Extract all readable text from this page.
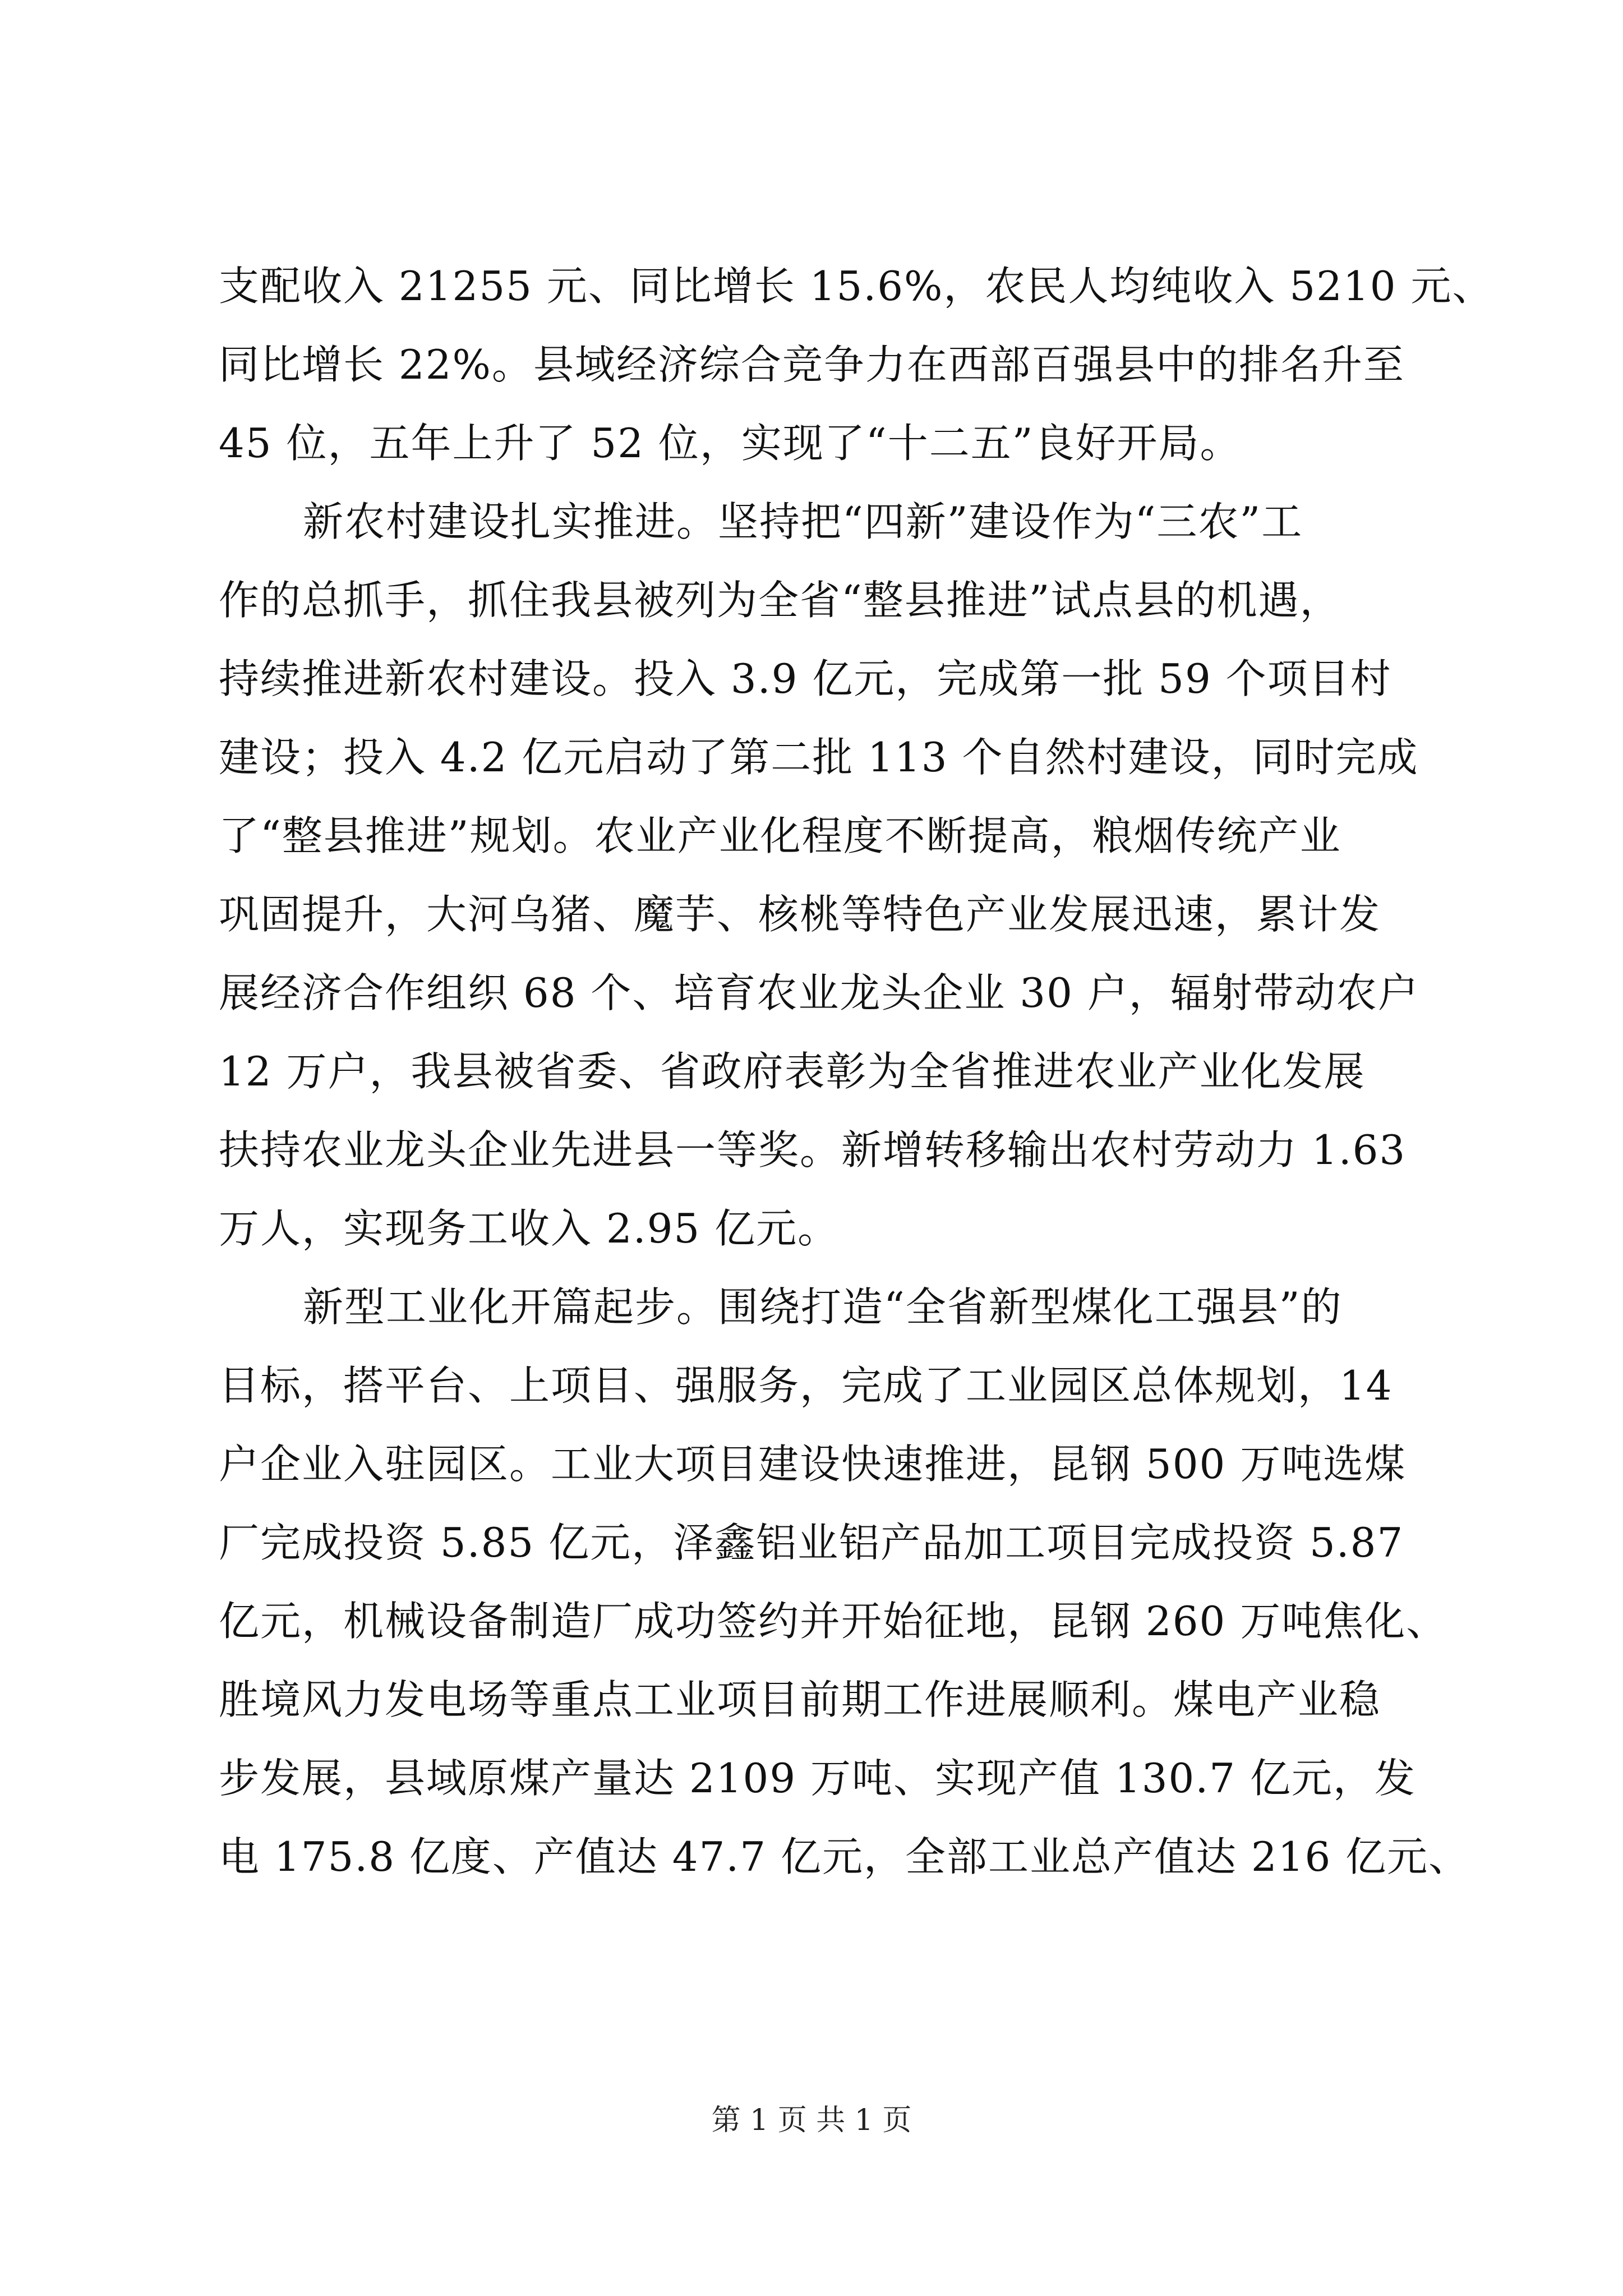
支配收入 21255 元、同比增长 15.6%，农民人均纯收入 5210 元、
同比增长 22%。县域经济综合竞争力在西部百强县中的排名升至
45 位，五年上升了 52 位，实现了“十二五”良好开局。
新农村建设扎实推进。坚持把“四新”建设作为“三农”工
作的总抓手，抓住我县被列为全省“整县推进”试点县的机遇，
持续推进新农村建设。投入 3.9 亿元，完成第一批 59 个项目村
建设；投入 4.2 亿元启动了第二批 113 个自然村建设，同时完成
了“整县推进”规划。农业产业化程度不断提高，粮烟传统产业
巩固提升，大河乌猪、魔芋、核桃等特色产业发展迅速，累计发
展经济合作组织 68 个、培育农业龙头企业 30 户，辐射带动农户
12 万户，我县被省委、省政府表彰为全省推进农业产业化发展
扶持农业龙头企业先进县一等奖。新增转移输出农村劳动力 1.63
万人，实现务工收入 2.95 亿元。
新型工业化开篇起步。围绕打造“全省新型煤化工强县”的
目标，搭平台、上项目、强服务，完成了工业园区总体规划，14
户企业入驻园区。工业大项目建设快速推进，昆钢 500 万吨选煤
厂完成投资 5.85 亿元，泽鑫铝业铝产品加工项目完成投资 5.87
亿元，机械设备制造厂成功签约并开始征地，昆钢 260 万吨焦化、
胜境风力发电场等重点工业项目前期工作进展顺利。煤电产业稳
步发展，县域原煤产量达 2109 万吨、实现产值 130.7 亿元，发
电 175.8 亿度、产值达 47.7 亿元，全部工业总产值达 216 亿元、
第 1 页 共 1 页
